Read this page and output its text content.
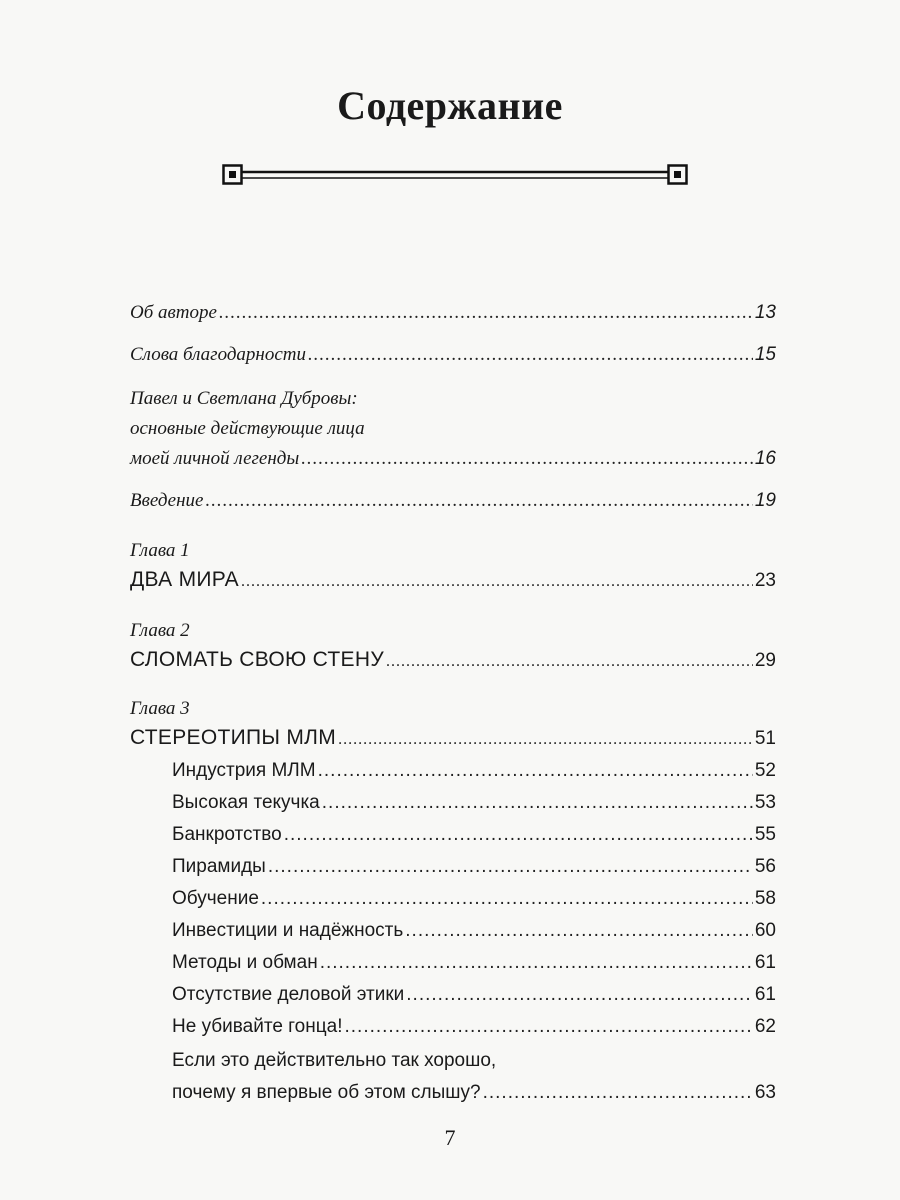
Содержание
Об авторе .....	13
Слова благодарности .....	15
Павел и Светлана Дубровы:
основные действующие лица
моей личной легенды .....	16
Введение .....	19
Глава 1
ДВА МИРА .....	23
Глава 2
СЛОМАТЬ СВОЮ СТЕНУ .....	29
Глава 3
СТЕРЕОТИПЫ МЛМ .....	51
Индустрия МЛМ .....	52
Высокая текучка .....	53
Банкротство .....	55
Пирамиды .....	56
Обучение .....	58
Инвестиции и надёжность .....	60
Методы и обман .....	61
Отсутствие деловой этики .....	61
Не убивайте гонца! .....	62
Если это действительно так хорошо,
почему я впервые об этом слышу? .....	63
7
